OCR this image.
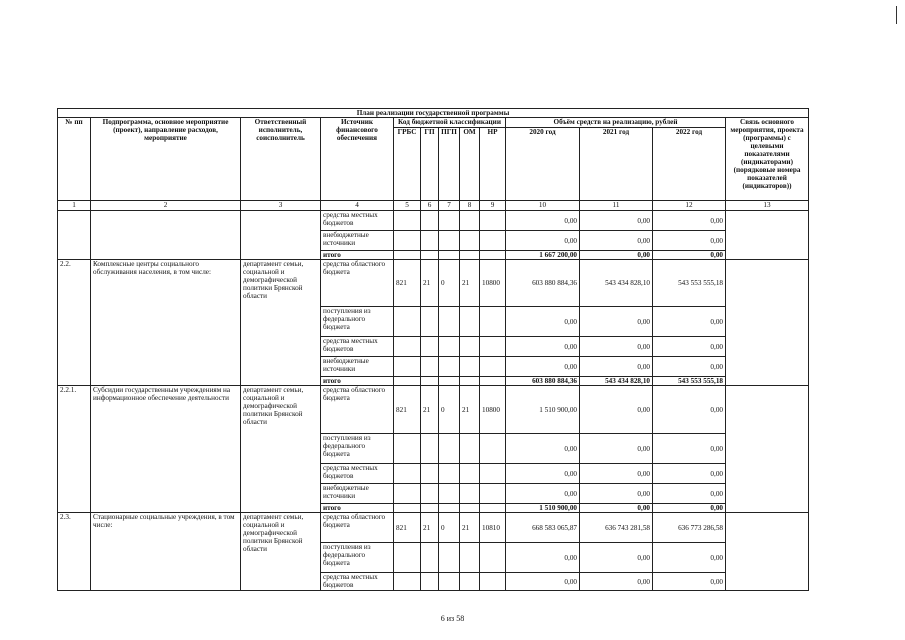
План реализации государственной программы												
№ пп	Подпрограмма, основное мероприятие (проект), направление расходов, мероприятие	Ответственный исполнитель, соисполнитель	Источник финансового обеспечения	Код бюджетной классификации					Объём средств на реализацию, рублей			Связь основного мероприятия, проекта (программы) с целевыми показателями (индикаторами) (порядковые номера показателей (индикаторов))
				ГРБС	ГП	ПГП	ОМ	НР	2020 год	2021 год	2022 год	
1	2	3	4	5	6	7	8	9	10	11	12	13
			средства местных бюджетов						0,00	0,00	0,00	
			внебюджетные источники						0,00	0,00	0,00	
			итого						1 667 200,00	0,00	0,00	
2.2.	Комплексные центры социального обслуживания населения, в том числе:	департамент семьи, социальной и демографической политики Брянской области	средства областного бюджета	821	21	0	21	10800	603 880 884,36	543 434 828,10	543 553 555,18	
			поступления из федерального бюджета						0,00	0,00	0,00	
			средства местных бюджетов						0,00	0,00	0,00	
			внебюджетные источники						0,00	0,00	0,00	
			итого						603 880 884,36	543 434 828,10	543 553 555,18	
2.2.1.	Субсидии государственным учреждениям на информационное обеспечение деятельности	департамент семьи, социальной и демографической политики Брянской области	средства областного бюджета	821	21	0	21	10800	1 510 900,00	0,00	0,00	
			поступления из федерального бюджета						0,00	0,00	0,00	
			средства местных бюджетов						0,00	0,00	0,00	
			внебюджетные источники						0,00	0,00	0,00	
			итого						1 510 900,00	0,00	0,00	
2.3.	Стационарные социальные учреждения, в том числе:	департамент семьи, социальной и демографической политики Брянской области	средства областного бюджета	821	21	0	21	10810	668 583 065,87	636 743 281,58	636 773 286,58	
			поступления из федерального бюджета						0,00	0,00	0,00	
			средства местных бюджетов						0,00	0,00	0,00	
6 из 58
